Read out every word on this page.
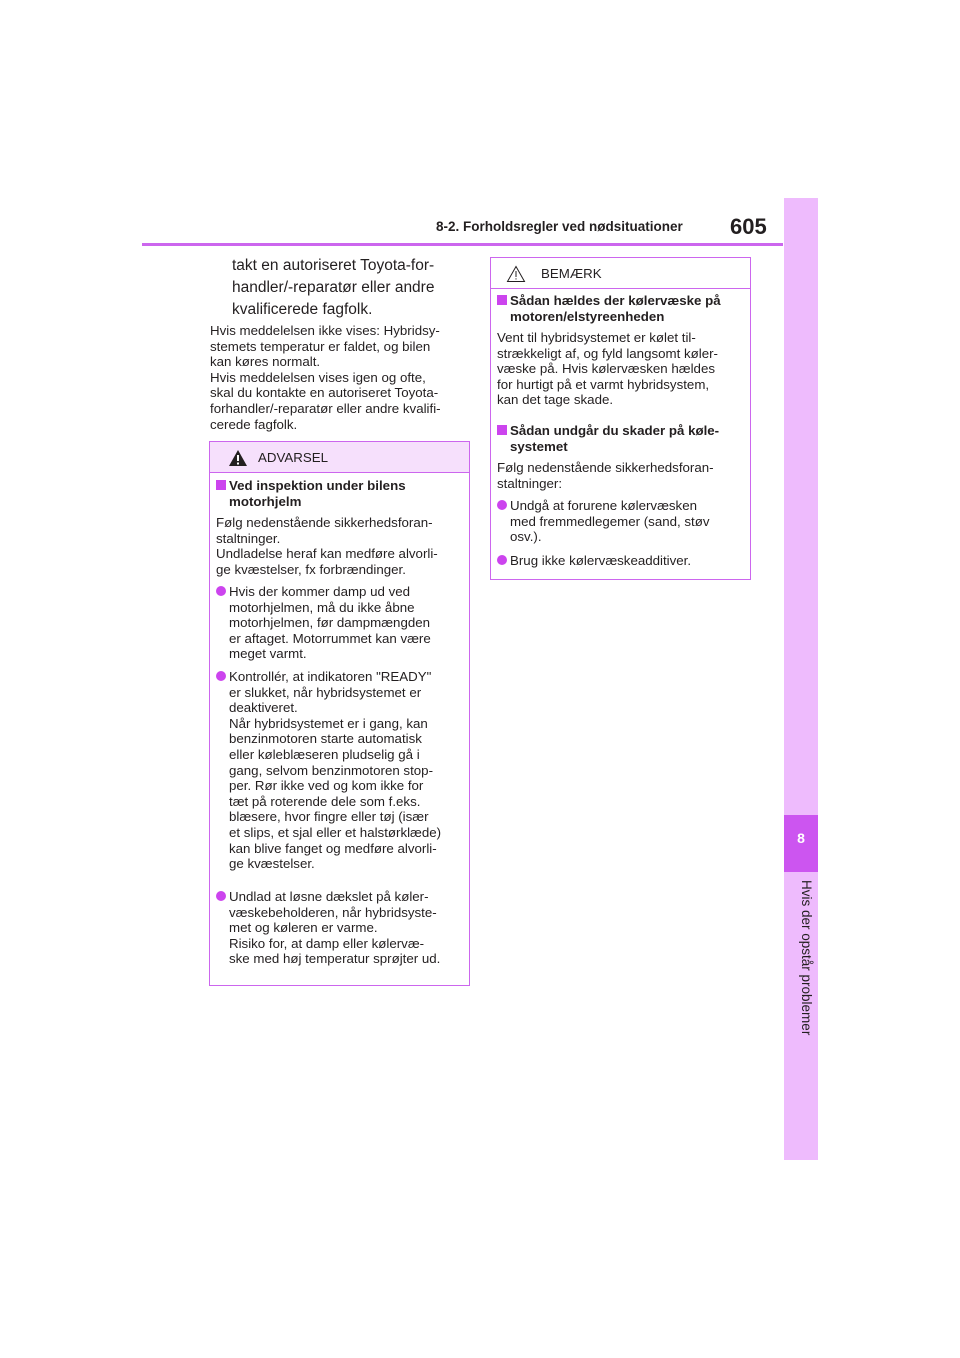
8-2. Forholdsregler ved nødsituationer 605
8
Hvis der opstår problemer
takt en autoriseret Toyota-for-
handler/-reparatør eller andre
kvalificerede fagfolk.
Hvis meddelelsen ikke vises: Hybridsy-
stemets temperatur er faldet, og bilen
kan køres normalt.
Hvis meddelelsen vises igen og ofte,
skal du kontakte en autoriseret Toyota-
forhandler/-reparatør eller andre kvalifi-
cerede fagfolk.
ADVARSEL
Ved inspektion under bilens
motorhjelm
Følg nedenstående sikkerhedsforan-
staltninger.
Undladelse heraf kan medføre alvorli-
ge kvæstelser, fx forbrændinger.
Hvis der kommer damp ud ved
motorhjelmen, må du ikke åbne
motorhjelmen, før dampmængden
er aftaget. Motorrummet kan være
meget varmt.
Kontrollér, at indikatoren "READY"
er slukket, når hybridsystemet er
deaktiveret.
Når hybridsystemet er i gang, kan
benzinmotoren starte automatisk
eller kølеblæseren pludselig gå i
gang, selvom benzinmotoren stop-
per. Rør ikke ved og kom ikke for
tæt på roterende dele som f.eks.
blæsere, hvor fingre eller tøj (især
et slips, et sjal eller et halstørklæde)
kan blive fanget og medføre alvorli-
ge kvæstelser.
Undlad at løsne dækslet på køler-
væskebeholderen, når hybridsyste-
met og køleren er varme.
Risiko for, at damp eller kølervæ-
ske med høj temperatur sprøjter ud.
BEMÆRK
Sådan hældes der kølervæske på
motoren/elstyreenheden
Vent til hybridsystemet er kølet til-
strækkeligt af, og fyld langsomt køler-
væske på. Hvis kølervæsken hældes
for hurtigt på et varmt hybridsystem,
kan det tage skade.
Sådan undgår du skader på køle-
systemet
Følg nedenstående sikkerhedsforan-
staltninger:
Undgå at forurene kølervæsken
med fremmedlegemer (sand, støv
osv.).
Brug ikke kølervæskeadditiver.
